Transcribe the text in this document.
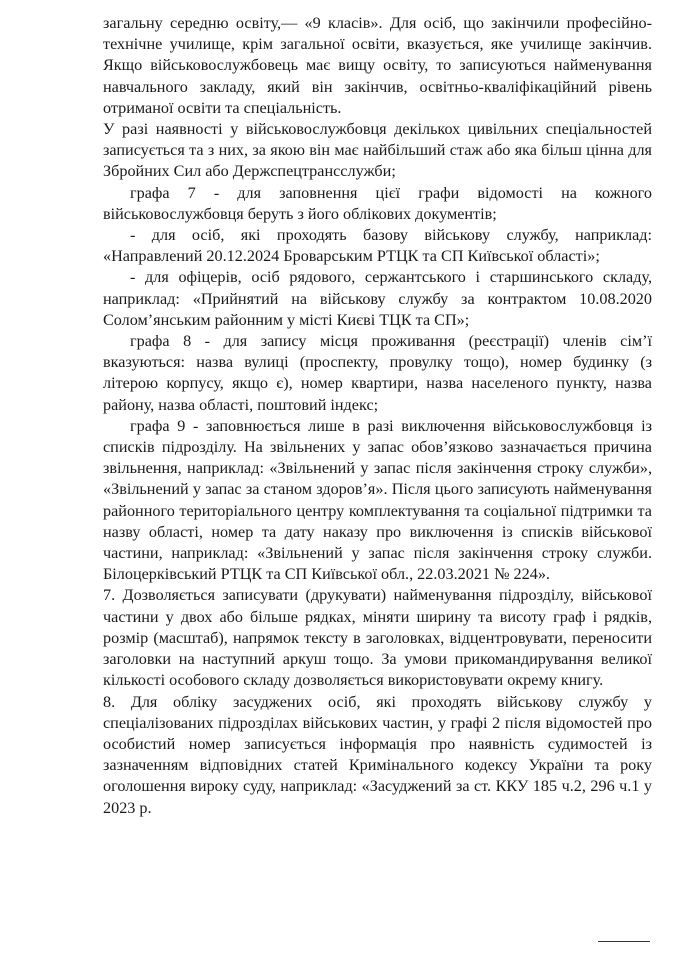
загальну середню освіту,— «9 класів». Для осіб, що закінчили професійно-технічне училище, крім загальної освіти, вказується, яке училище закінчив. Якщо військовослужбовець має вищу освіту, то записуються найменування навчального закладу, який він закінчив, освітньо-кваліфікаційний рівень отриманої освіти та спеціальність.

У разі наявності у військовослужбовця декількох цивільних спеціальностей записується та з них, за якою він має найбільший стаж або яка більш цінна для Збройних Сил або Держспецтрансслужби;

графа 7 - для заповнення цієї графи відомості на кожного військовослужбовця беруть з його облікових документів;

- для осіб, які проходять базову військову службу, наприклад: «Направлений 20.12.2024 Броварським РТЦК та СП Київської області»;

- для офіцерів, осіб рядового, сержантського і старшинського складу, наприклад: «Прийнятий на військову службу за контрактом 10.08.2020 Солом’янським районним у місті Києві ТЦК та СП»;

графа 8 - для запису місця проживання (реєстрації) членів сім’ї вказуються: назва вулиці (проспекту, провулку тощо), номер будинку (з літерою корпусу, якщо є), номер квартири, назва населеного пункту, назва району, назва області, поштовий індекс;

графа 9 - заповнюється лише в разі виключення військовослужбовця із списків підрозділу. На звільнених у запас обов’язково зазначається причина звільнення, наприклад: «Звільнений у запас після закінчення строку служби», «Звільнений у запас за станом здоров’я». Після цього записують найменування районного територіального центру комплектування та соціальної підтримки та назву області, номер та дату наказу про виключення із списків військової частини, наприклад: «Звільнений у запас після закінчення строку служби. Білоцерківський РТЦК та СП Київської обл., 22.03.2021 № 224».

7. Дозволяється записувати (друкувати) найменування підрозділу, військової частини у двох або більше рядках, міняти ширину та висоту граф і рядків, розмір (масштаб), напрямок тексту в заголовках, відцентровувати, переносити заголовки на наступний аркуш тощо. За умови прикомандирування великої кількості особового складу дозволяється використовувати окрему книгу.

8. Для обліку засуджених осіб, які проходять військову службу у спеціалізованих підрозділах військових частин, у графі 2 після відомостей про особистий номер записується інформація про наявність судимостей із зазначенням відповідних статей Кримінального кодексу України та року оголошення вироку суду, наприклад: «Засуджений за ст. ККУ 185 ч.2, 296 ч.1 у 2023 р.
